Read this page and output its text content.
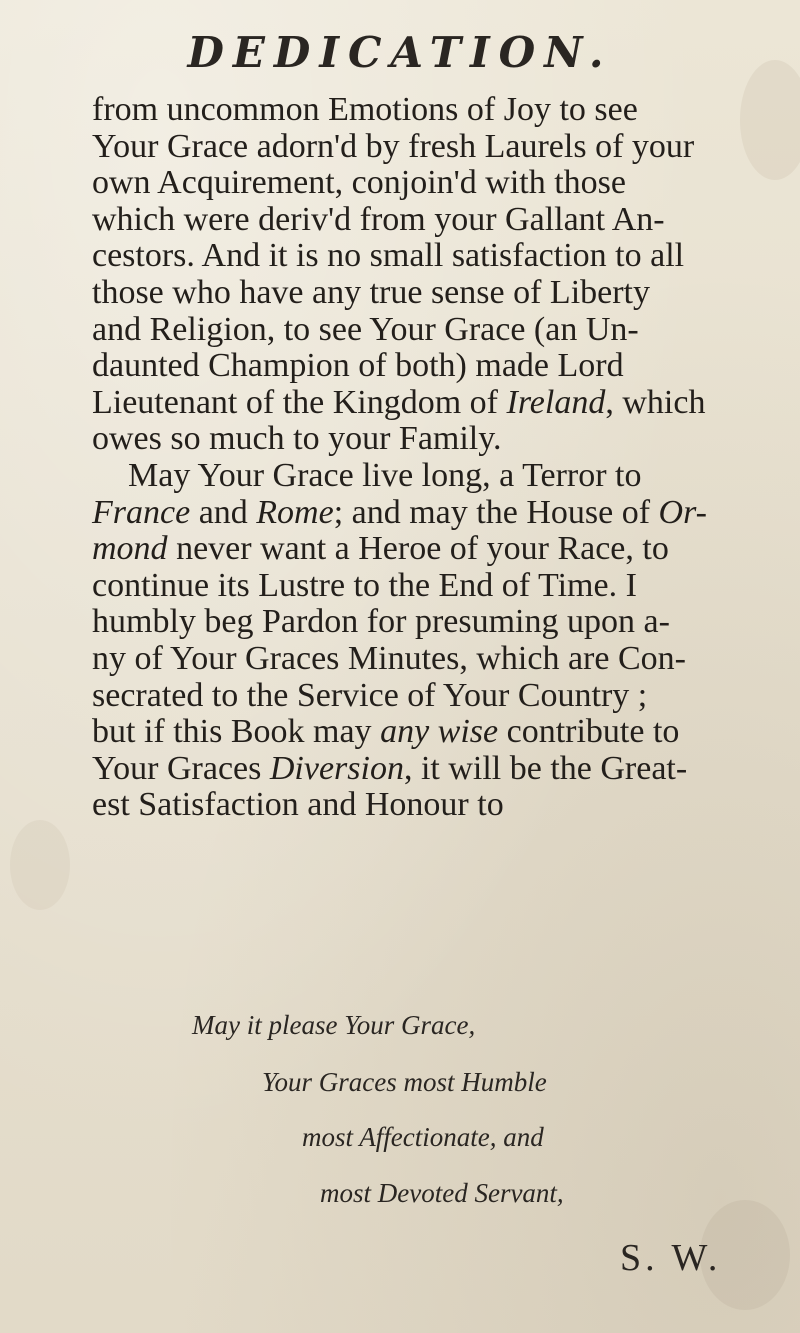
DEDICATION.
from uncommon Emotions of Joy to see
Your Grace adorn'd by fresh Laurels of your
own Acquirement, conjoin'd with those
which were deriv'd from your Gallant An-
cestors. And it is no small satisfaction to all
those who have any true sense of Liberty
and Religion, to see Your Grace (an Un-
daunted Champion of both) made Lord
Lieutenant of the Kingdom of Ireland, which
owes so much to your Family.
May Your Grace live long, a Terror to
France and Rome; and may the House of Or-
mond never want a Heroe of your Race, to
continue its Lustre to the End of Time. I
humbly beg Pardon for presuming upon a-
ny of Your Graces Minutes, which are Con-
secrated to the Service of Your Country ;
but if this Book may any wise contribute to
Your Graces Diversion, it will be the Great-
est Satisfaction and Honour to
May it please Your Grace,
Your Graces most Humble
most Affectionate, and
most Devoted Servant,
S. W.
